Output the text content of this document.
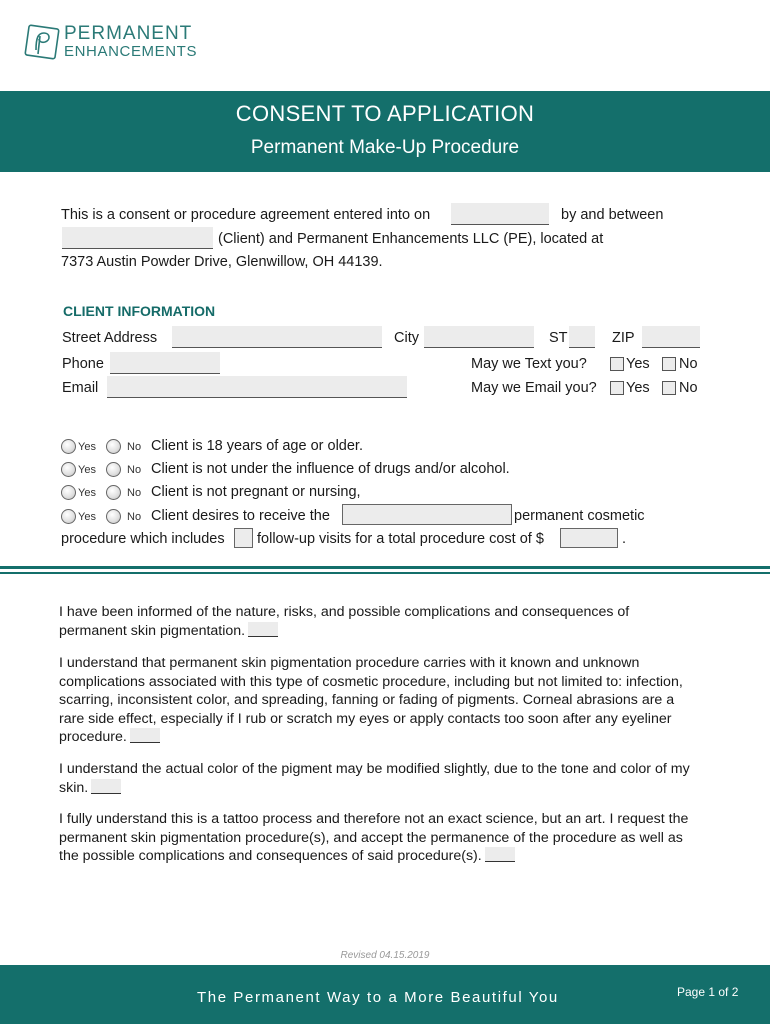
PERMANENT
ENHANCEMENTS
CONSENT TO APPLICATION
Permanent Make-Up Procedure
This is a consent or procedure agreement entered into on	by and between
(Client) and Permanent Enhancements LLC (PE), located at
7373 Austin Powder Drive, Glenwillow, OH 44139.
CLIENT INFORMATION
Street Address	City	ST	ZIP
Phone	May we Text you?	Yes No
Email	May we Email you? Yes No
Yes	No Client is 18 years of age or older.
Yes	No Client is not under the influence of drugs and/or alcohol.
Yes	No Client is not pregnant or nursing,
Yes	No Client desires to receive the	permanent cosmetic
procedure which includes follow-up visits for a total procedure cost of $	.
I have been informed of the nature, risks, and possible complications and consequences of permanent skin pigmentation.
I understand that permanent skin pigmentation procedure carries with it known and unknown complications associated with this type of cosmetic procedure, including but not limited to: infection, scarring, inconsistent color, and spreading, fanning or fading of pigments. Corneal abrasions are a rare side effect, especially if I rub or scratch my eyes or apply contacts too soon after any eyeliner procedure.
I understand the actual color of the pigment may be modified slightly, due to the tone and color of my skin.
I fully understand this is a tattoo process and therefore not an exact science, but an art. I request the permanent skin pigmentation procedure(s), and accept the permanence of the procedure as well as the possible complications and consequences of said procedure(s).
Revised 04.15.2019
The Permanent Way to a More Beautiful You	Page 1 of 2
